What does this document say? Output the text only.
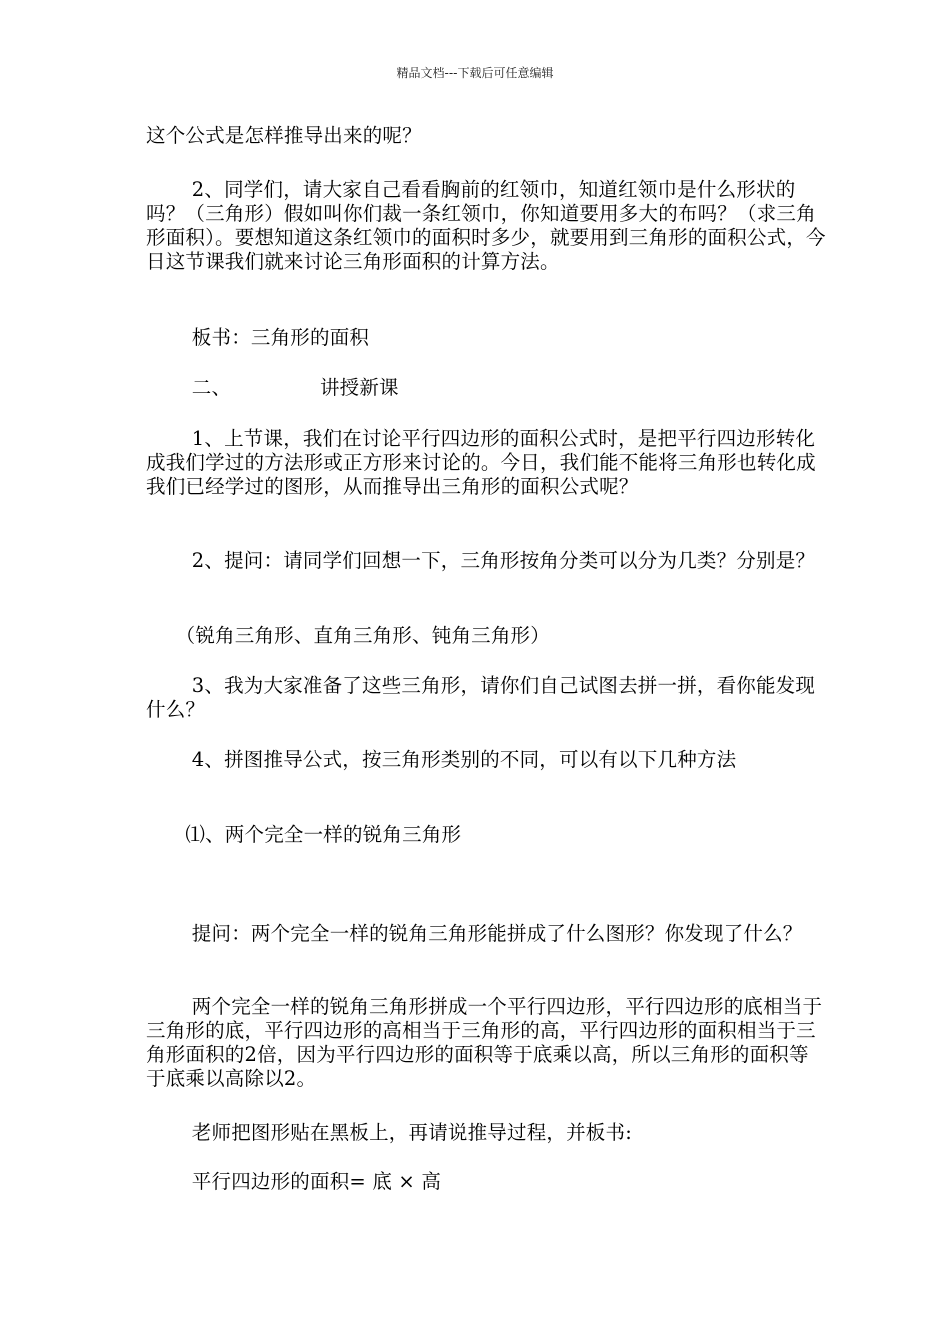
精品文档---下载后可任意编辑

这个公式是怎样推导出来的呢？

　　 2、同学们，请大家自己看看胸前的红领巾，知道红领巾是什么形状的吗？（三角形）假如叫你们裁一条红领巾，你知道要用多大的布吗？（求三角形面积）。要想知道这条红领巾的面积时多少，就要用到三角形的面积公式，今日这节课我们就来讨论三角形面积的计算方法。

　　 板书：三角形的面积

　　 二、　　　　　讲授新课

　　 1、上节课，我们在讨论平行四边形的面积公式时，是把平行四边形转化成我们学过的方法形或正方形来讨论的。今日，我们能不能将三角形也转化成我们已经学过的图形，从而推导出三角形的面积公式呢？

　　 2、提问：请同学们回想一下，三角形按角分类可以分为几类？分别是？

　　（锐角三角形、直角三角形、钝角三角形）

　　 3、我为大家准备了这些三角形，请你们自己试图去拼一拼，看你能发现什么？

　　 4、拼图推导公式，按三角形类别的不同，可以有以下几种方法

　　⑴、两个完全一样的锐角三角形

　　 提问：两个完全一样的锐角三角形能拼成了什么图形？你发现了什么？

　　 两个完全一样的锐角三角形拼成一个平行四边形，平行四边形的底相当于三角形的底，平行四边形的高相当于三角形的高，平行四边形的面积相当于三角形面积的2倍，因为平行四边形的面积等于底乘以高，所以三角形的面积等于底乘以高除以2。

　　 老师把图形贴在黑板上，再请说推导过程，并板书:

　　 平行四边形的面积= 底 × 高
